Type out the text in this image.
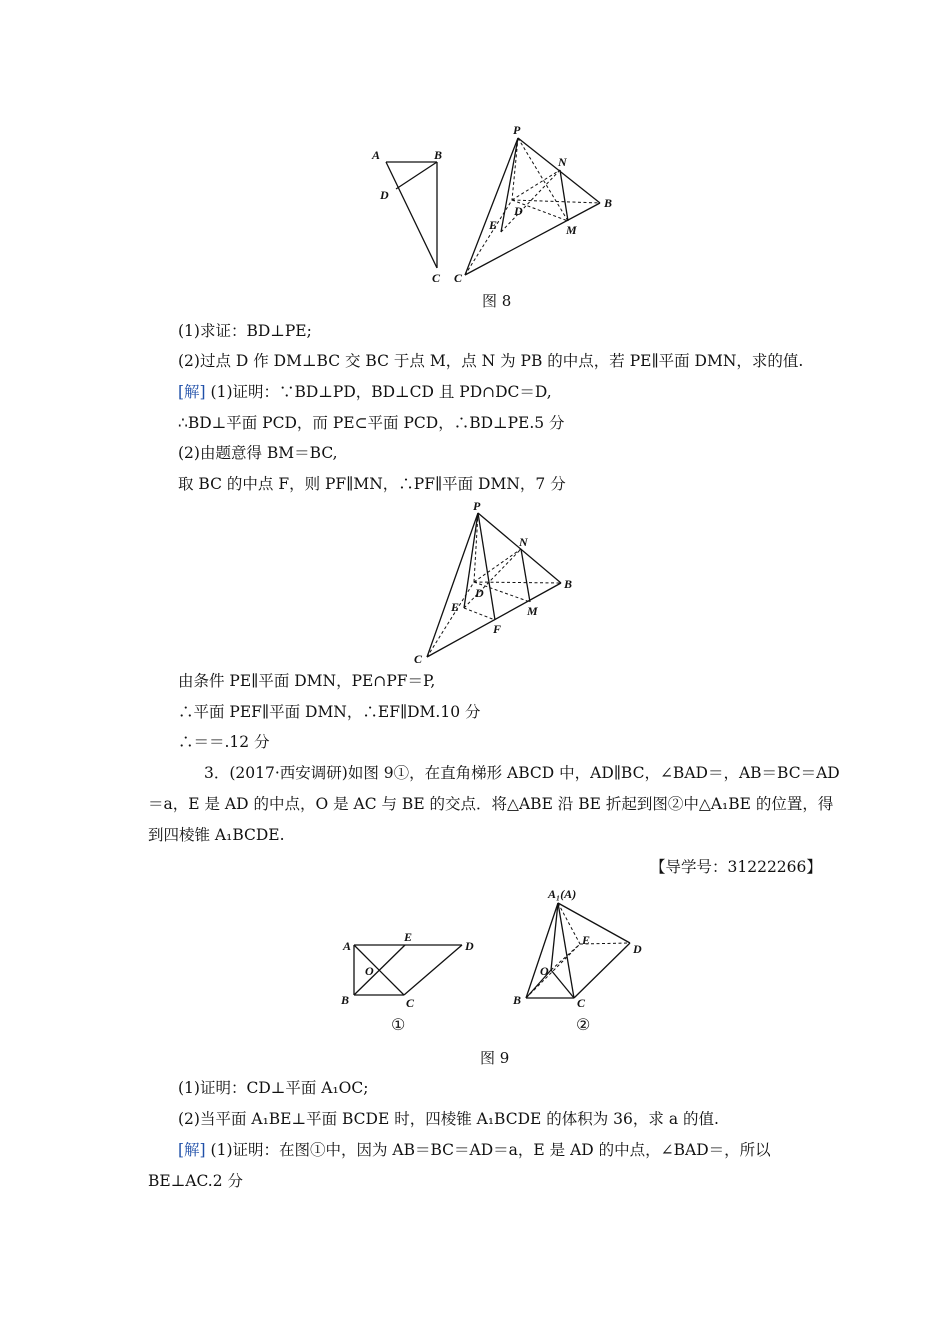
A	B
D
C
P
N
D
B
E	M
C
P
N
D
B
E	M
F
C
A
E
D
O
B	C
A₁(A)
E
D
O
B	C
图 8
(1)求证：BD⊥PE;
(2)过点 D 作 DM⊥BC 交 BC 于点 M，点 N 为 PB 的中点，若 PE∥平面 DMN，求的值.
[解] (1)证明：∵BD⊥PD，BD⊥CD 且 PD∩DC＝D,
∴BD⊥平面 PCD，而 PE⊂平面 PCD，∴BD⊥PE.5 分
(2)由题意得 BM＝BC,
取 BC 的中点 F，则 PF∥MN，∴PF∥平面 DMN，7 分
由条件 PE∥平面 DMN，PE∩PF＝P,
∴平面 PEF∥平面 DMN，∴EF∥DM.10 分
∴＝＝.12 分
3．(2017·西安调研)如图 9①，在直角梯形 ABCD 中，AD∥BC，∠BAD＝，AB＝BC＝AD
＝a，E 是 AD 的中点，O 是 AC 与 BE 的交点．将△ABE 沿 BE 折起到图②中△A₁BE 的位置，得
到四棱锥 A₁BCDE.
【导学号：31222266】
①	②
图 9
(1)证明：CD⊥平面 A₁OC;
(2)当平面 A₁BE⊥平面 BCDE 时，四棱锥 A₁BCDE 的体积为 36，求 a 的值.
[解] (1)证明：在图①中，因为 AB＝BC＝AD＝a，E 是 AD 的中点，∠BAD＝，所以
BE⊥AC.2 分
